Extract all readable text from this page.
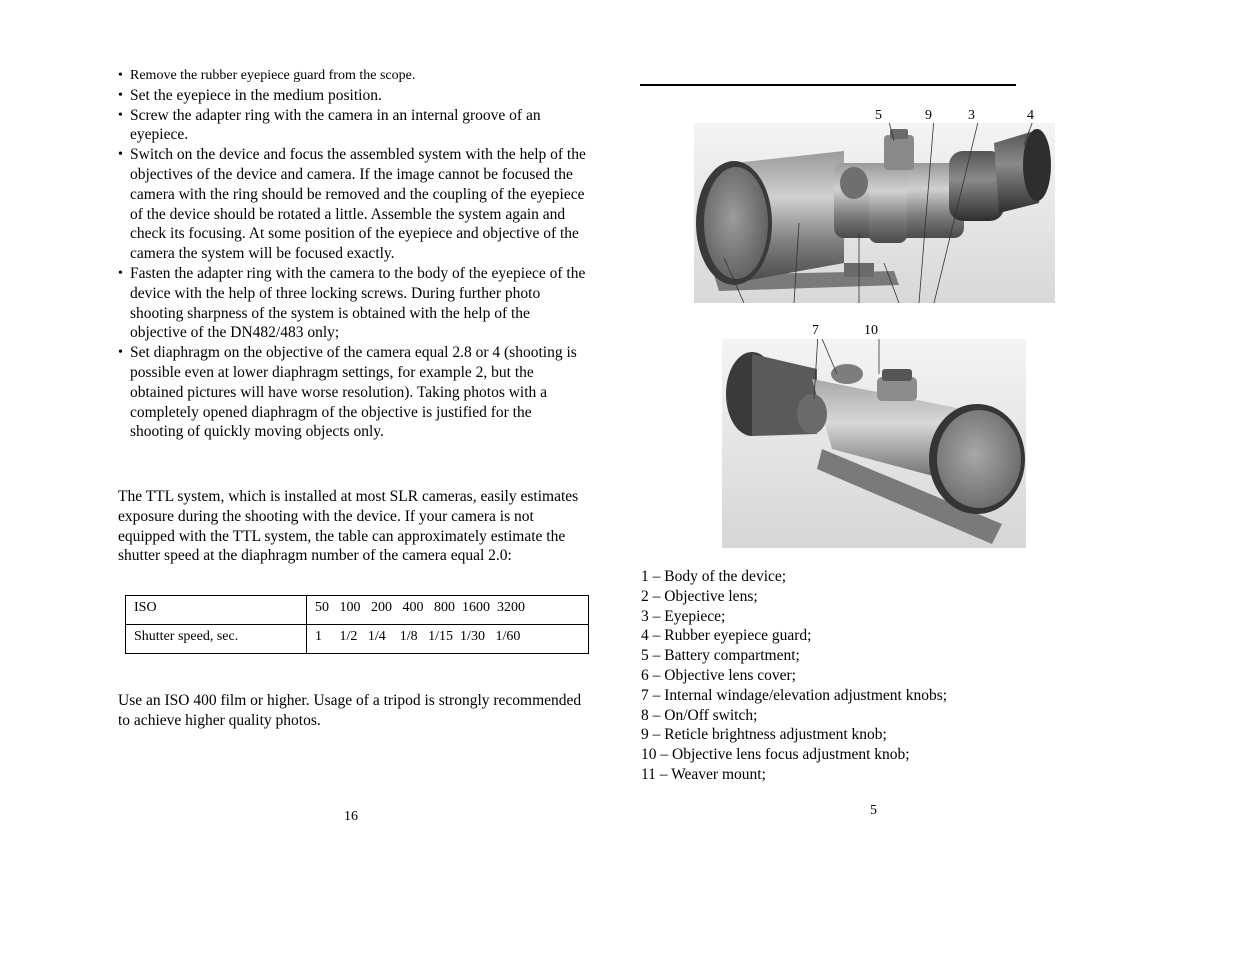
• Remove the rubber eyepiece guard from the scope.
• Set the eyepiece in the medium position.
• Screw the adapter ring with the camera in an internal groove of an eyepiece.
• Switch on the device and focus the assembled system with the help of the objectives of the device and camera. If the image cannot be focused the camera with the ring should be removed and the coupling of the eyepiece of the device should be rotated a little. Assemble the system again and check its focusing. At some position of the eyepiece and objective of the camera the system will be focused exactly.
• Fasten the adapter ring with the camera to the body of the eyepiece of the device with the help of three locking screws. During further photo shooting sharpness of the system is obtained with the help of the objective of the DN482/483 only;
• Set diaphragm on the objective of the camera equal 2.8 or 4 (shooting is possible even at lower diaphragm settings, for example 2, but the obtained pictures will have worse resolution). Taking photos with a completely opened diaphragm of the objective is justified for the shooting of quickly moving objects only.

The TTL system, which is installed at most SLR cameras, easily estimates exposure during the shooting with the device. If your camera is not equipped with the TTL system, the table can approximately estimate the shutter speed at the diaphragm number of the camera equal 2.0:

ISO	50   100   200   400   800  1600  3200
Shutter speed, sec.	1     1/2   1/4    1/8   1/15  1/30   1/60

Use an ISO 400 film or higher. Usage of a tripod is strongly recommended to achieve higher quality photos.

16
5	9	3	4
7	10
1 – Body of the device;
2 – Objective lens;
3 – Eyepiece;
4 – Rubber eyepiece guard;
5 – Battery compartment;
6 – Objective lens cover;
7 – Internal windage/elevation adjustment knobs;
8 – On/Off switch;
9 – Reticle brightness adjustment knob;
10 – Objective lens focus adjustment knob;
11 – Weaver mount;
5
